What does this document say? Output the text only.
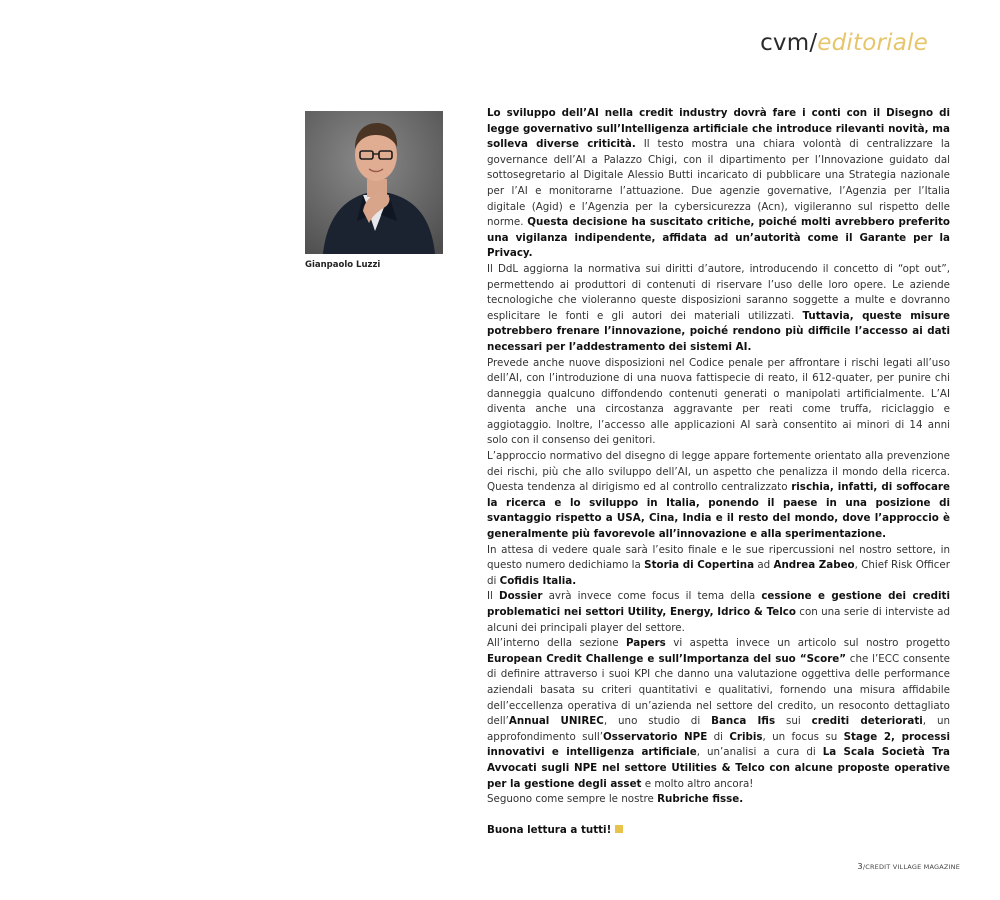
cvm/editoriale
Gianpaolo Luzzi

Lo sviluppo dell’AI nella credit industry dovrà fare i conti con il Disegno di legge governativo sull’Intelligenza artificiale che introduce rilevanti novità, ma solleva diverse criticità. Il testo mostra una chiara volontà di centralizzare la governance dell’AI a Palazzo Chigi, con il dipartimento per l’Innovazione guidato dal sottosegretario al Digitale Alessio Butti incaricato di pubblicare una Strategia nazionale per l’AI e monitorarne l’attuazione. Due agenzie governative, l’Agenzia per l’Italia digitale (Agid) e l’Agenzia per la cybersicurezza (Acn), vigileranno sul rispetto delle norme. Questa decisione ha suscitato critiche, poiché molti avrebbero preferito una vigilanza indipendente, affidata ad un’autorità come il Garante per la Privacy.

Il DdL aggiorna la normativa sui diritti d’autore, introducendo il concetto di “opt out”, permettendo ai produttori di contenuti di riservare l’uso delle loro opere. Le aziende tecnologiche che violeranno queste disposizioni saranno soggette a multe e dovranno esplicitare le fonti e gli autori dei materiali utilizzati. Tuttavia, queste misure potrebbero frenare l’innovazione, poiché rendono più difficile l’accesso ai dati necessari per l’addestramento dei sistemi AI.

Prevede anche nuove disposizioni nel Codice penale per affrontare i rischi legati all’uso dell’AI, con l’introduzione di una nuova fattispecie di reato, il 612-quater, per punire chi danneggia qualcuno diffondendo contenuti generati o manipolati artificialmente. L’AI diventa anche una circostanza aggravante per reati come truffa, riciclaggio e aggiotaggio. Inoltre, l’accesso alle applicazioni AI sarà consentito ai minori di 14 anni solo con il consenso dei genitori.

L’approccio normativo del disegno di legge appare fortemente orientato alla prevenzione dei rischi, più che allo sviluppo dell’AI, un aspetto che penalizza il mondo della ricerca. Questa tendenza al dirigismo ed al controllo centralizzato rischia, infatti, di soffocare la ricerca e lo sviluppo in Italia, ponendo il paese in una posizione di svantaggio rispetto a USA, Cina, India e il resto del mondo, dove l’approccio è generalmente più favorevole all’innovazione e alla sperimentazione.

In attesa di vedere quale sarà l’esito finale e le sue ripercussioni nel nostro settore, in questo numero dedichiamo la Storia di Copertina ad Andrea Zabeo, Chief Risk Officer di Cofidis Italia.

Il Dossier avrà invece come focus il tema della cessione e gestione dei crediti problematici nei settori Utility, Energy, Idrico & Telco con una serie di interviste ad alcuni dei principali player del settore.

All’interno della sezione Papers vi aspetta invece un articolo sul nostro progetto European Credit Challenge e sull’Importanza del suo “Score” che l’ECC consente di definire attraverso i suoi KPI che danno una valutazione oggettiva delle performance aziendali basata su criteri quantitativi e qualitativi, fornendo una misura affidabile dell’eccellenza operativa di un’azienda nel settore del credito, un resoconto dettagliato dell’Annual UNIREC, uno studio di Banca Ifis sui crediti deteriorati, un approfondimento sull’Osservatorio NPE di Cribis, un focus su Stage 2, processi innovativi e intelligenza artificiale, un’analisi a cura di La Scala Società Tra Avvocati sugli NPE nel settore Utilities & Telco con alcune proposte operative per la gestione degli asset e molto altro ancora!

Seguono come sempre le nostre Rubriche fisse.

Buona lettura a tutti!

3/CREDIT VILLAGE MAGAZINE
